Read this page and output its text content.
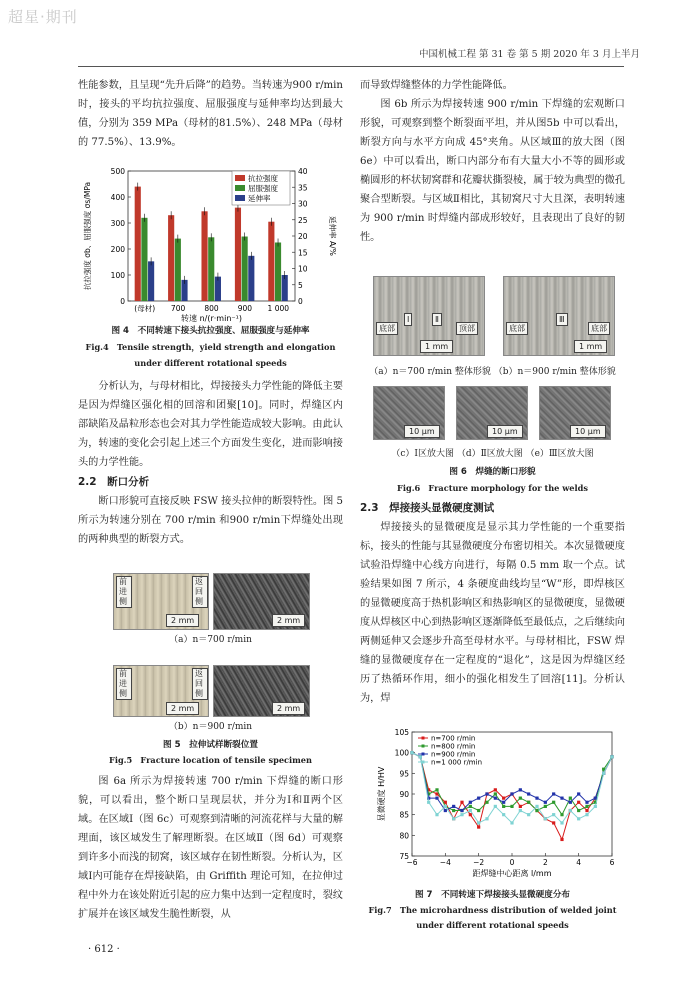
超星·期刊
中国机械工程 第 31 卷 第 5 期 2020 年 3 月上半月

性能参数，且呈现“先升后降”的趋势。当转速为900 r/min 时，接头的平均抗拉强度、屈服强度与延伸率均达到最大值，分别为 359 MPa（母材的81.5%）、248 MPa（母材的 77.5%）、13.9%。

0
100
200
300
400
500
0
5
10
15
20
25
30
35
40
(母材) 700	800	900 1 000
转速 n/(r·min⁻¹)
抗拉强度 σb、屈服强度 σs/MPa	延伸率 A/%
抗拉强度
屈服强度
延伸率
图 4　不同转速下接头抗拉强度、屈服强度与延伸率
Fig.4　Tensile strength，yield strength and elongation
under different rotational speeds

分析认为，与母材相比，焊接接头力学性能的降低主要是因为焊缝区强化相的回溶和团聚[10]。同时，焊缝区内部缺陷及晶粒形态也会对其力学性能造成较大影响。由此认为，转速的变化会引起上述三个方面发生变化，进而影响接头的力学性能。

2.2　断口分析

断口形貌可直接反映 FSW 接头拉伸的断裂特性。图 5 所示为转速分别在 700 r/min 和900 r/min下焊缝处出现的两种典型的断裂方式。

前进侧
返回侧
2 mm	2 mm
（a）n＝700 r/min
前进侧
返回侧
2 mm	2 mm
（b）n＝900 r/min
图 5　拉伸试样断裂位置
Fig.5　Fracture location of tensile specimen

图 6a 所示为焊接转速 700 r/min 下焊缝的断口形貌，可以看出，整个断口呈现层状，并分为Ⅰ和Ⅱ两个区域。在区域Ⅰ（图 6c）可观察到清晰的河流花样与大量的解理面，该区域发生了解理断裂。在区域Ⅱ（图 6d）可观察到许多小而浅的韧窝，该区域存在韧性断裂。分析认为，区域Ⅰ内可能存在焊接缺陷，由 Griffith 理论可知，在拉伸过程中外力在该处附近引起的应力集中达到一定程度时，裂纹扩展并在该区域发生脆性断裂，从

· 612 ·

而导致焊缝整体的力学性能降低。

图 6b 所示为焊接转速 900 r/min 下焊缝的宏观断口形貌，可观察到整个断裂面平坦，并从图5b 中可以看出，断裂方向与水平方向成 45°夹角。从区域Ⅲ的放大图（图 6e）中可以看出，断口内部分布有大量大小不等的圆形或椭圆形的杯状韧窝群和花瓣状撕裂棱，属于较为典型的微孔聚合型断裂。与区域Ⅱ相比，其韧窝尺寸大且深，表明转速为 900 r/min 时焊缝内部成形较好，且表现出了良好的韧性。

Ⅰ	Ⅱ
底部	顶部
1 mm
底部
Ⅲ
底部
1 mm
（a）n＝700 r/min 整体形貌 （b）n＝900 r/min 整体形貌
10 μm	10 μm	10 μm
（c）Ⅰ区放大图 （d）Ⅱ区放大图 （e）Ⅲ区放大图
图 6　焊缝的断口形貌
Fig.6　Fracture morphology for the welds

2.3　焊接接头显微硬度测试

焊接接头的显微硬度是显示其力学性能的一个重要指标，接头的性能与其显微硬度分布密切相关。本次显微硬度试验沿焊缝中心线方向进行，每隔 0.5 mm 取一个点。试验结果如图 7 所示，4 条硬度曲线均呈“W”形，即焊核区的显微硬度高于热机影响区和热影响区的显微硬度，显微硬度从焊核区中心到热影响区逐渐降低至最低点，之后继续向两侧延伸又会逐步升高至母材水平。与母材相比，FSW 焊缝的显微硬度存在一定程度的“退化”，这是因为焊缝区经历了热循环作用，细小的强化相发生了回溶[11]。分析认为，焊

75
80
85
90
95
100
105
−6	−4	−2	0	2	4	6
n=700 r/min
n=800 r/min
n=900 r/min
n=1 000 r/min
距焊缝中心距离 l/mm
显微硬度 H/HV
图 7　不同转速下焊接接头显微硬度分布
Fig.7　The microhardness distribution of welded joint
under different rotational speeds
